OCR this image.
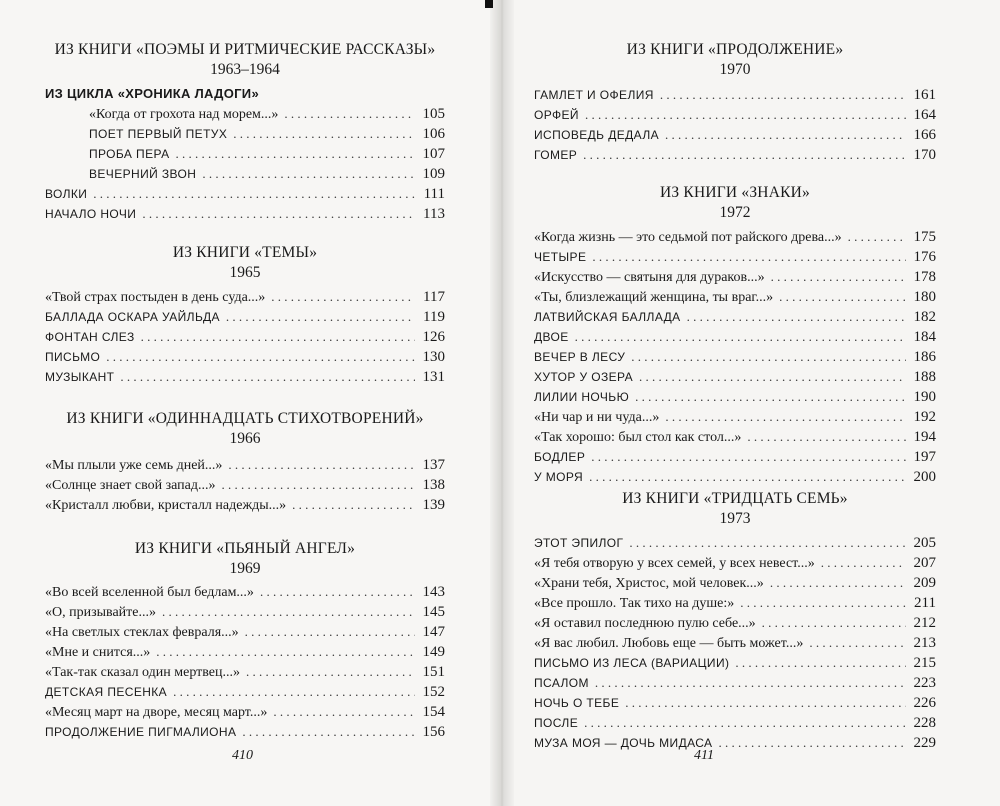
ИЗ КНИГИ «ПОЭМЫ И РИТМИЧЕСКИЕ РАССКАЗЫ»

1963–1964

ИЗ ЦИКЛА «ХРОНИКА ЛАДОГИ»

«Когда от грохота над морем...» . . .	105
ПОЕТ ПЕРВЫЙ ПЕТУХ . . .	106
ПРОБА ПЕРА . . .	107
ВЕЧЕРНИЙ ЗВОН . . .	109
ВОЛКИ . . .	111
НАЧАЛО НОЧИ . . .	113

ИЗ КНИГИ «ТЕМЫ»

1965

«Твой страх постыден в день суда...» . . .	117
БАЛЛАДА ОСКАРА УАЙЛЬДА . . .	119
ФОНТАН СЛЕЗ . . .	126
ПИСЬМО . . .	130
МУЗЫКАНТ . . .	131

ИЗ КНИГИ «ОДИННАДЦАТЬ СТИХОТВОРЕНИЙ»

1966

«Мы плыли уже семь дней...» . . .	137
«Солнце знает свой запад...» . . .	138
«Кристалл любви, кристалл надежды...» . . .	139

ИЗ КНИГИ «ПЬЯНЫЙ АНГЕЛ»

1969

«Во всей вселенной был бедлам...» . . .	143
«О, призывайте...» . . .	145
«На светлых стеклах февраля...» . . .	147
«Мне и снится...» . . .	149
«Так-так сказал один мертвец...» . . .	151
ДЕТСКАЯ ПЕСЕНКА . . .	152
«Месяц март на дворе, месяц март...» . . .	154
ПРОДОЛЖЕНИЕ ПИГМАЛИОНА . . .	156
410

ИЗ КНИГИ «ПРОДОЛЖЕНИЕ»

1970

ГАМЛЕТ И ОФЕЛИЯ . . .	161
ОРФЕЙ . . .	164
ИСПОВЕДЬ ДЕДАЛА . . .	166
ГОМЕР . . .	170

ИЗ КНИГИ «ЗНАКИ»

1972

«Когда жизнь — это седьмой пот райского древа...» . . .	175
ЧЕТЫРЕ . . .	176
«Искусство — святыня для дураков...» . . .	178
«Ты, близлежащий женщина, ты враг...» . . .	180
ЛАТВИЙСКАЯ БАЛЛАДА . . .	182
ДВОЕ . . .	184
ВЕЧЕР В ЛЕСУ . . .	186
ХУТОР У ОЗЕРА . . .	188
ЛИЛИИ НОЧЬЮ . . .	190
«Ни чар и ни чуда...» . . .	192
«Так хорошо: был стол как стол...» . . .	194
БОДЛЕР . . .	197
У МОРЯ . . .	200

ИЗ КНИГИ «ТРИДЦАТЬ СЕМЬ»

1973

ЭТОТ ЭПИЛОГ . . .	205
«Я тебя отворую у всех семей, у всех невест...» . . .	207
«Храни тебя, Христос, мой человек...» . . .	209
«Все прошло. Так тихо на душе:» . . .	211
«Я оставил последнюю пулю себе...» . . .	212
«Я вас любил. Любовь еще — быть может...» . . .	213
ПИСЬМО ИЗ ЛЕСА (ВАРИАЦИИ) . . .	215
ПСАЛОМ . . .	223
НОЧЬ О ТЕБЕ . . .	226
ПОСЛЕ . . .	228
МУЗА МОЯ — ДОЧЬ МИДАСА . . .	229
411
